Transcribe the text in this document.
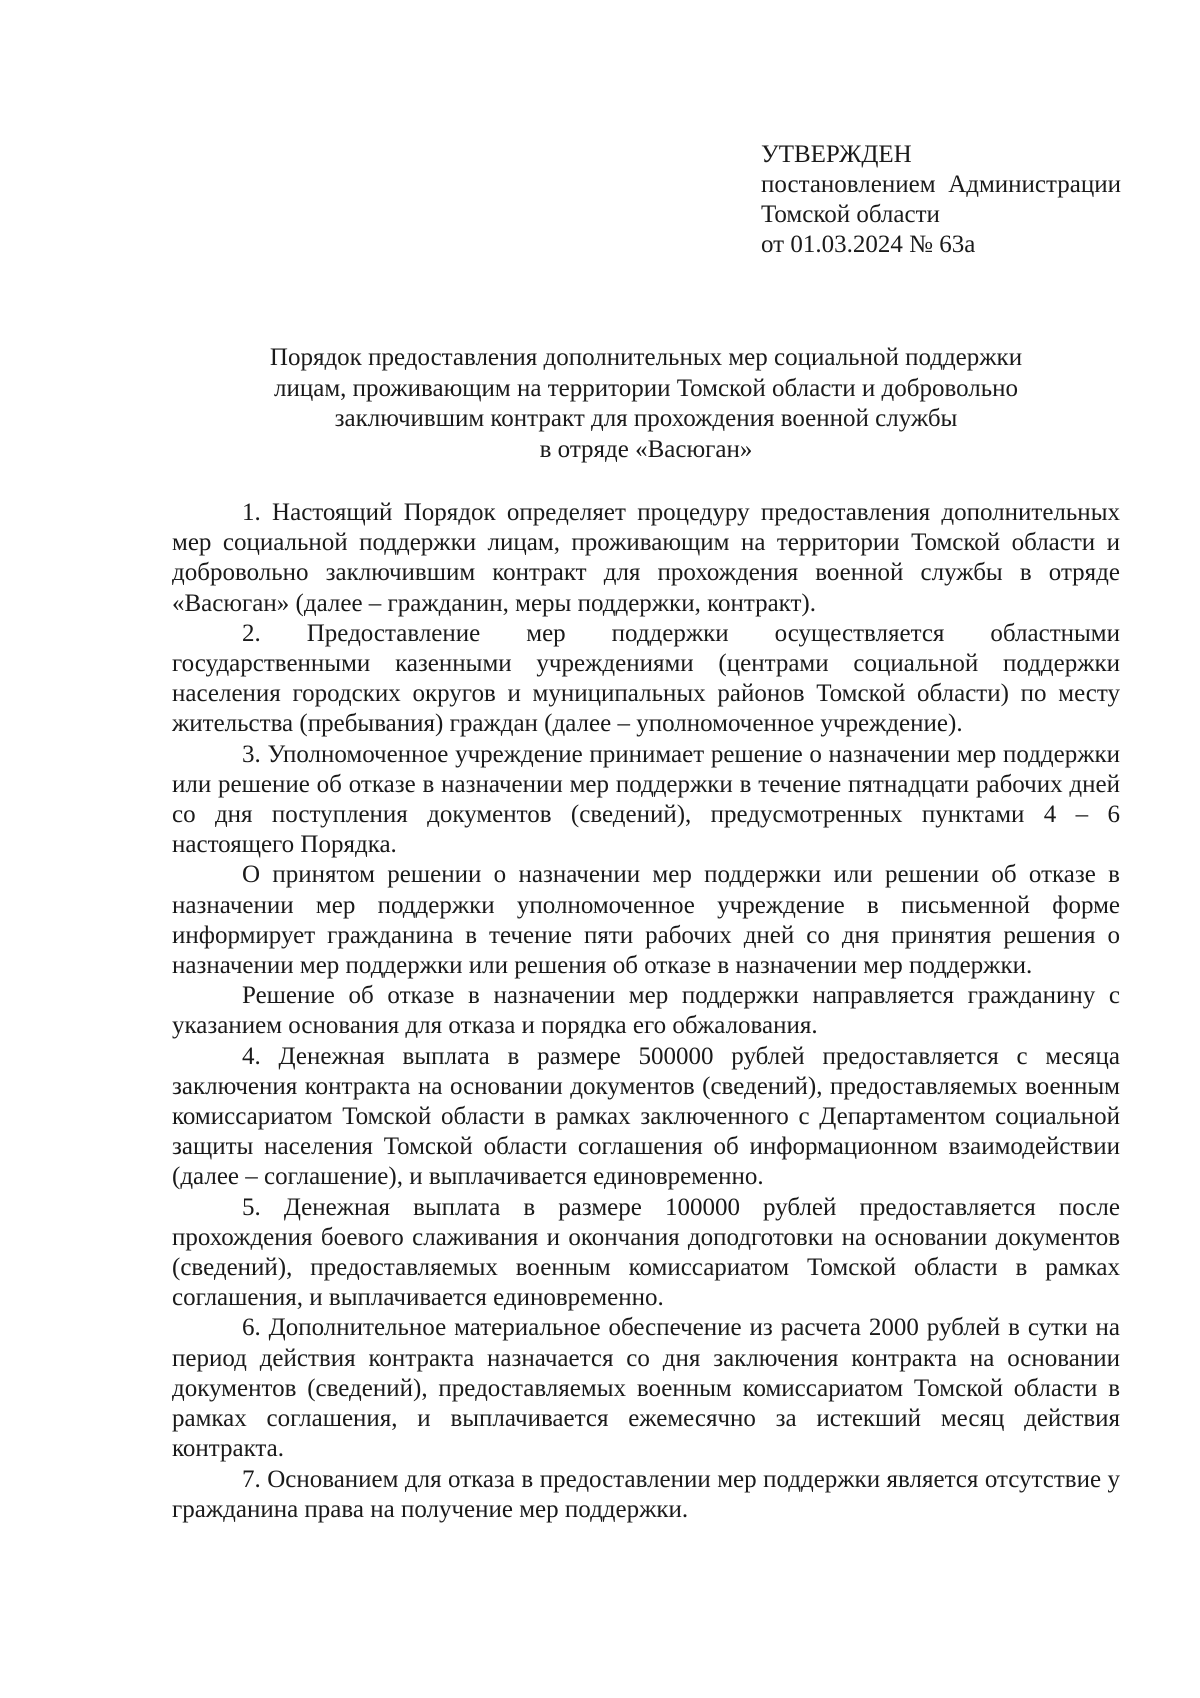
УТВЕРЖДЕН
постановлением Администрации
Томской области
от 01.03.2024 № 63а
Порядок предоставления дополнительных мер социальной поддержки
лицам, проживающим на территории Томской области и добровольно
заключившим контракт для прохождения военной службы
в отряде «Васюган»

1. Настоящий Порядок определяет процедуру предоставления дополнительных мер социальной поддержки лицам, проживающим на территории Томской области и добровольно заключившим контракт для прохождения военной службы в отряде «Васюган» (далее – гражданин, меры поддержки, контракт).

2. Предоставление мер поддержки осуществляется областными государственными казенными учреждениями (центрами социальной поддержки населения городских округов и муниципальных районов Томской области) по месту жительства (пребывания) граждан (далее – уполномоченное учреждение).

3. Уполномоченное учреждение принимает решение о назначении мер поддержки или решение об отказе в назначении мер поддержки в течение пятнадцати рабочих дней со дня поступления документов (сведений), предусмотренных пунктами 4 – 6 настоящего Порядка.

О принятом решении о назначении мер поддержки или решении об отказе в назначении мер поддержки уполномоченное учреждение в письменной форме информирует гражданина в течение пяти рабочих дней со дня принятия решения о назначении мер поддержки или решения об отказе в назначении мер поддержки.

Решение об отказе в назначении мер поддержки направляется гражданину с указанием основания для отказа и порядка его обжалования.

4. Денежная выплата в размере 500000 рублей предоставляется с месяца заключения контракта на основании документов (сведений), предоставляемых военным комиссариатом Томской области в рамках заключенного с Департаментом социальной защиты населения Томской области соглашения об информационном взаимодействии (далее – соглашение), и выплачивается единовременно.

5. Денежная выплата в размере 100000 рублей предоставляется после прохождения боевого слаживания и окончания доподготовки на основании документов (сведений), предоставляемых военным комиссариатом Томской области в рамках соглашения, и выплачивается единовременно.

6. Дополнительное материальное обеспечение из расчета 2000 рублей в сутки на период действия контракта назначается со дня заключения контракта на основании документов (сведений), предоставляемых военным комиссариатом Томской области в рамках соглашения, и выплачивается ежемесячно за истекший месяц действия контракта.

7. Основанием для отказа в предоставлении мер поддержки является отсутствие у гражданина права на получение мер поддержки.
